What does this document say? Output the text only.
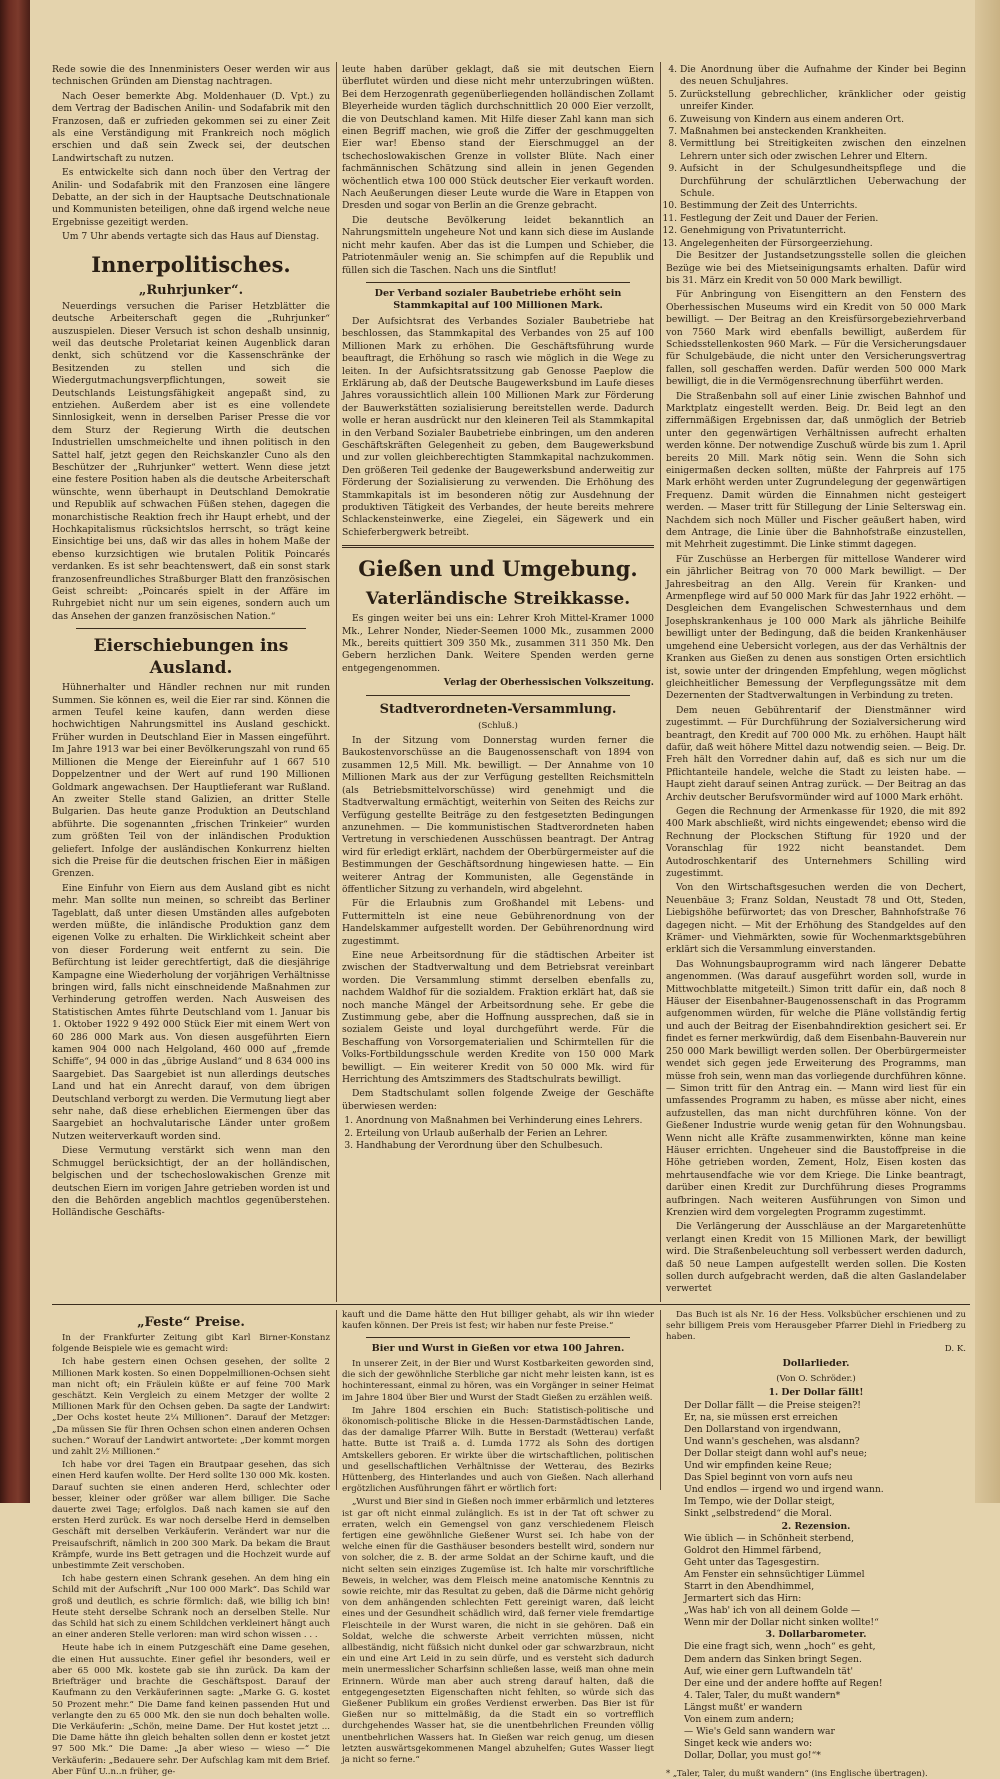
Rede sowie die des Innenministers Oeser werden wir aus technischen Gründen am Dienstag nachtragen.

Nach Oeser bemerkte Abg. Moldenhauer (D. Vpt.) zu dem Vertrag der Badischen Anilin- und Sodafabrik mit den Franzosen, daß er zufrieden gekommen sei zu einer Zeit als eine Verständigung mit Frankreich noch möglich erschien und daß sein Zweck sei, der deutschen Landwirtschaft zu nutzen.

Es entwickelte sich dann noch über den Vertrag der Anilin- und Sodafabrik mit den Franzosen eine längere Debatte, an der sich in der Hauptsache Deutschnationale und Kommunisten beteiligen, ohne daß irgend welche neue Ergebnisse gezeitigt werden.

Um 7 Uhr abends vertagte sich das Haus auf Dienstag.

Innerpolitisches.
„Ruhrjunker“.

Neuerdings versuchen die Pariser Hetzblätter die deutsche Arbeiterschaft gegen die „Ruhrjunker“ auszuspielen. Dieser Versuch ist schon deshalb unsinnig, weil das deutsche Proletariat keinen Augenblick daran denkt, sich schützend vor die Kassenschränke der Besitzenden zu stellen und sich die Wiedergutmachungsverpflichtungen, soweit sie Deutschlands Leistungsfähigkeit angepaßt sind, zu entziehen. Außerdem aber ist es eine vollendete Sinnlosigkeit, wenn in derselben Pariser Presse die vor dem Sturz der Regierung Wirth die deutschen Industriellen umschmeichelte und ihnen politisch in den Sattel half, jetzt gegen den Reichskanzler Cuno als den Beschützer der „Ruhrjunker“ wettert. Wenn diese jetzt eine festere Position haben als die deutsche Arbeiterschaft wünschte, wenn überhaupt in Deutschland Demokratie und Republik auf schwachen Füßen stehen, dagegen die monarchistische Reaktion frech ihr Haupt erhebt, und der Hochkapitalismus rücksichtslos herrscht, so trägt keine Einsichtige bei uns, daß wir das alles in hohem Maße der ebenso kurzsichtigen wie brutalen Politik Poincarés verdanken. Es ist sehr beachtenswert, daß ein sonst stark franzosenfreundliches Straßburger Blatt den französischen Geist schreibt: „Poincarés spielt in der Affäre im Ruhrgebiet nicht nur um sein eigenes, sondern auch um das Ansehen der ganzen französischen Nation.“

Eierschiebungen ins Ausland.

Hühnerhalter und Händler rechnen nur mit runden Summen. Sie können es, weil die Eier rar sind. Können die armen Teufel keine kaufen, dann werden diese hochwichtigen Nahrungsmittel ins Ausland geschickt. Früher wurden in Deutschland Eier in Massen eingeführt. Im Jahre 1913 war bei einer Bevölkerungszahl von rund 65 Millionen die Menge der Eiereinfuhr auf 1 667 510 Doppelzentner und der Wert auf rund 190 Millionen Goldmark angewachsen. Der Hauptlieferant war Rußland. An zweiter Stelle stand Galizien, an dritter Stelle Bulgarien. Das heute ganze Produktion an Deutschland abführte. Die sogenannten „frischen Trinkeier“ wurden zum größten Teil von der inländischen Produktion geliefert. Infolge der ausländischen Konkurrenz hielten sich die Preise für die deutschen frischen Eier in mäßigen Grenzen.

Eine Einfuhr von Eiern aus dem Ausland gibt es nicht mehr. Man sollte nun meinen, so schreibt das Berliner Tageblatt, daß unter diesen Umständen alles aufgeboten werden müßte, die inländische Produktion ganz dem eigenen Volke zu erhalten. Die Wirklichkeit scheint aber von dieser Forderung weit entfernt zu sein. Die Befürchtung ist leider gerechtfertigt, daß die diesjährige Kampagne eine Wiederholung der vorjährigen Verhältnisse bringen wird, falls nicht einschneidende Maßnahmen zur Verhinderung getroffen werden. Nach Ausweisen des Statistischen Amtes führte Deutschland vom 1. Januar bis 1. Oktober 1922 9 492 000 Stück Eier mit einem Wert von 60 286 000 Mark aus. Von diesen ausgeführten Eiern kamen 904 000 nach Helgoland, 460 000 auf „fremde Schiffe“, 94 000 in das „übrige Ausland“ und 8 634 000 ins Saargebiet. Das Saargebiet ist nun allerdings deutsches Land und hat ein Anrecht darauf, von dem übrigen Deutschland verborgt zu werden. Die Vermutung liegt aber sehr nahe, daß diese erheblichen Eiermengen über das Saargebiet an hochvalutarische Länder unter großem Nutzen weiterverkauft worden sind.

Diese Vermutung verstärkt sich wenn man den Schmuggel berücksichtigt, der an der holländischen, belgischen und der tschechoslowakischen Grenze mit deutschen Eiern im vorigen Jahre getrieben worden ist und den die Behörden angeblich machtlos gegenüberstehen. Holländische Geschäfts-

leute haben darüber geklagt, daß sie mit deutschen Eiern überflutet würden und diese nicht mehr unterzubringen wüßten. Bei dem Herzogenrath gegenüberliegenden holländischen Zollamt Bleyerheide wurden täglich durchschnittlich 20 000 Eier verzollt, die von Deutschland kamen. Mit Hilfe dieser Zahl kann man sich einen Begriff machen, wie groß die Ziffer der geschmuggelten Eier war! Ebenso stand der Eierschmuggel an der tschechoslowakischen Grenze in vollster Blüte. Nach einer fachmännischen Schätzung sind allein in jenen Gegenden wöchentlich etwa 100 000 Stück deutscher Eier verkauft worden. Nach Aeußerungen dieser Leute wurde die Ware in Etappen von Dresden und sogar von Berlin an die Grenze gebracht.

Die deutsche Bevölkerung leidet bekanntlich an Nahrungsmitteln ungeheure Not und kann sich diese im Auslande nicht mehr kaufen. Aber das ist die Lumpen und Schieber, die Patriotenmäuler wenig an. Sie schimpfen auf die Republik und füllen sich die Taschen. Nach uns die Sintflut!

Der Verband sozialer Baubetriebe erhöht sein Stammkapital auf 100 Millionen Mark.

Der Aufsichtsrat des Verbandes Sozialer Baubetriebe hat beschlossen, das Stammkapital des Verbandes von 25 auf 100 Millionen Mark zu erhöhen. Die Geschäftsführung wurde beauftragt, die Erhöhung so rasch wie möglich in die Wege zu leiten. In der Aufsichtsratssitzung gab Genosse Paeplow die Erklärung ab, daß der Deutsche Baugewerksbund im Laufe dieses Jahres voraussichtlich allein 100 Millionen Mark zur Förderung der Bauwerkstätten sozialisierung bereitstellen werde. Dadurch wolle er heran ausdrückt nur den kleineren Teil als Stammkapital in den Verband Sozialer Baubetriebe einbringen, um den anderen Geschäftskräften Gelegenheit zu geben, dem Baugewerksbund und zur vollen gleichberechtigten Stammkapital nachzukommen. Den größeren Teil gedenke der Baugewerksbund anderweitig zur Förderung der Sozialisierung zu verwenden. Die Erhöhung des Stammkapitals ist im besonderen nötig zur Ausdehnung der produktiven Tätigkeit des Verbandes, der heute bereits mehrere Schlackensteinwerke, eine Ziegelei, ein Sägewerk und ein Schieferbergwerk betreibt.

Gießen und Umgebung.
Vaterländische Streikkasse.

Es gingen weiter bei uns ein: Lehrer Kroh Mittel-Kramer 1000 Mk., Lehrer Nonder, Nieder-Seemen 1000 Mk., zusammen 2000 Mk., bereits quittiert 309 350 Mk., zusammen 311 350 Mk. Den Gebern herzlichen Dank. Weitere Spenden werden gerne entgegengenommen.

Verlag der Oberhessischen Volkszeitung.

Stadtverordneten-Versammlung.
(Schluß.)

In der Sitzung vom Donnerstag wurden ferner die Baukostenvorschüsse an die Baugenossenschaft von 1894 von zusammen 12,5 Mill. Mk. bewilligt. — Der Annahme von 10 Millionen Mark aus der zur Verfügung gestellten Reichsmitteln (als Betriebsmittelvorschüsse) wird genehmigt und die Stadtverwaltung ermächtigt, weiterhin von Seiten des Reichs zur Verfügung gestellte Beiträge zu den festgesetzten Bedingungen anzunehmen. — Die kommunistischen Stadtverordneten haben Vertretung in verschiedenen Ausschüssen beantragt. Der Antrag wird für erledigt erklärt, nachdem der Oberbürgermeister auf die Bestimmungen der Geschäftsordnung hingewiesen hatte. — Ein weiterer Antrag der Kommunisten, alle Gegenstände in öffentlicher Sitzung zu verhandeln, wird abgelehnt.

Für die Erlaubnis zum Großhandel mit Lebens- und Futtermitteln ist eine neue Gebührenordnung von der Handelskammer aufgestellt worden. Der Gebührenordnung wird zugestimmt.

Eine neue Arbeitsordnung für die städtischen Arbeiter ist zwischen der Stadtverwaltung und dem Betriebsrat vereinbart worden. Die Versammlung stimmt derselben ebenfalls zu, nachdem Waldhof für die sozialdem. Fraktion erklärt hat, daß sie noch manche Mängel der Arbeitsordnung sehe. Er gebe die Zustimmung gebe, aber die Hoffnung aussprechen, daß sie in sozialem Geiste und loyal durchgeführt werde. Für die Beschaffung von Vorsorgematerialien und Schirmtellen für die Volks-Fortbildungsschule werden Kredite von 150 000 Mark bewilligt. — Ein weiterer Kredit von 50 000 Mk. wird für Herrichtung des Amtszimmers des Stadtschulrats bewilligt.

Dem Stadtschulamt sollen folgende Zweige der Geschäfte überwiesen werden:

1. Anordnung von Maßnahmen bei Verhinderung eines Lehrers.
2. Erteilung von Urlaub außerhalb der Ferien an Lehrer.
3. Handhabung der Verordnung über den Schulbesuch.
4. Die Anordnung über die Aufnahme der Kinder bei Beginn des neuen Schuljahres.
5. Zurückstellung gebrechlicher, kränklicher oder geistig unreifer Kinder.
6. Zuweisung von Kindern aus einem anderen Ort.
7. Maßnahmen bei ansteckenden Krankheiten.
8. Vermittlung bei Streitigkeiten zwischen den einzelnen Lehrern unter sich oder zwischen Lehrer und Eltern.
9. Aufsicht in der Schulgesundheitspflege und die Durchführung der schulärztlichen Ueberwachung der Schule.
10. Bestimmung der Zeit des Unterrichts.
11. Festlegung der Zeit und Dauer der Ferien.
12. Genehmigung von Privatunterricht.
13. Angelegenheiten der Fürsorgeerziehung.

Die Besitzer der Justandsetzungsstelle sollen die gleichen Bezüge wie bei des Mietseinigungsamts erhalten. Dafür wird bis 31. März ein Kredit von 50 000 Mark bewilligt.

Für Anbringung von Eisengittern an den Fenstern des Oberhessischen Museums wird ein Kredit von 50 000 Mark bewilligt. — Der Beitrag an den Kreisfürsorgebeziehrverband von 7560 Mark wird ebenfalls bewilligt, außerdem für Schiedsstellenkosten 960 Mark. — Für die Versicherungsdauer für Schulgebäude, die nicht unter den Versicherungsvertrag fallen, soll geschaffen werden. Dafür werden 500 000 Mark bewilligt, die in die Vermögensrechnung überführt werden.

Die Straßenbahn soll auf einer Linie zwischen Bahnhof und Marktplatz eingestellt werden. Beig. Dr. Beid legt an den ziffernmäßigen Ergebnissen dar, daß unmöglich der Betrieb unter den gegenwärtigen Verhältnissen aufrecht erhalten werden könne. Der notwendige Zuschuß würde bis zum 1. April bereits 20 Mill. Mark nötig sein. Wenn die Sohn sich einigermaßen decken sollten, müßte der Fahrpreis auf 175 Mark erhöht werden unter Zugrundelegung der gegenwärtigen Frequenz. Damit würden die Einnahmen nicht gesteigert werden. — Maser tritt für Stillegung der Linie Selterswag ein. Nachdem sich noch Müller und Fischer geäußert haben, wird dem Antrage, die Linie über die Bahnhofstraße einzustellen, mit Mehrheit zugestimmt. Die Linke stimmt dagegen.

Für Zuschüsse an Herbergen für mittellose Wanderer wird ein jährlicher Beitrag von 70 000 Mark bewilligt. — Der Jahresbeitrag an den Allg. Verein für Kranken- und Armenpflege wird auf 50 000 Mark für das Jahr 1922 erhöht. — Desgleichen dem Evangelischen Schwesternhaus und dem Josephskrankenhaus je 100 000 Mark als jährliche Beihilfe bewilligt unter der Bedingung, daß die beiden Krankenhäuser umgehend eine Uebersicht vorlegen, aus der das Verhältnis der Kranken aus Gießen zu denen aus sonstigen Orten ersichtlich ist, sowie unter der dringenden Empfehlung, wegen möglichst gleichheitlicher Bemessung der Verpflegungssätze mit dem Dezernenten der Stadtverwaltungen in Verbindung zu treten.

Dem neuen Gebührentarif der Dienstmänner wird zugestimmt. — Für Durchführung der Sozialversicherung wird beantragt, den Kredit auf 700 000 Mk. zu erhöhen. Haupt hält dafür, daß weit höhere Mittel dazu notwendig seien. — Beig. Dr. Freh hält den Vorredner dahin auf, daß es sich nur um die Pflichtanteile handele, welche die Stadt zu leisten habe. — Haupt zieht darauf seinen Antrag zurück. — Der Beitrag an das Archiv deutscher Berufsvormünder wird auf 1000 Mark erhöht.

Gegen die Rechnung der Armenkasse für 1920, die mit 892 400 Mark abschließt, wird nichts eingewendet; ebenso wird die Rechnung der Plockschen Stiftung für 1920 und der Voranschlag für 1922 nicht beanstandet. Dem Autodroschkentarif des Unternehmers Schilling wird zugestimmt.

Von den Wirtschaftsgesuchen werden die von Dechert, Neuenbäue 3; Franz Soldan, Neustadt 78 und Ott, Steden, Liebigshöhe befürwortet; das von Drescher, Bahnhofstraße 76 dagegen nicht. — Mit der Erhöhung des Standgeldes auf den Krämer- und Viehmärkten, sowie für Wochenmarktsgebühren erklärt sich die Versammlung einverstanden.

Das Wohnungsbauprogramm wird nach längerer Debatte angenommen. (Was darauf ausgeführt worden soll, wurde in Mittwochblatte mitgeteilt.) Simon tritt dafür ein, daß noch 8 Häuser der Eisenbahner-Baugenossenschaft in das Programm aufgenommen würden, für welche die Pläne vollständig fertig und auch der Beitrag der Eisenbahndirektion gesichert sei. Er findet es ferner merkwürdig, daß dem Eisenbahn-Bauverein nur 250 000 Mark bewilligt werden sollen. Der Oberbürgermeister wendet sich gegen jede Erweiterung des Programms, man müsse froh sein, wenn man das vorliegende durchführen könne. — Simon tritt für den Antrag ein. — Mann wird liest für ein umfassendes Programm zu haben, es müsse aber nicht, eines aufzustellen, das man nicht durchführen könne. Von der Gießener Industrie wurde wenig getan für den Wohnungsbau. Wenn nicht alle Kräfte zusammenwirkten, könne man keine Häuser errichten. Ungeheuer sind die Baustoffpreise in die Höhe getrieben worden, Zement, Holz, Eisen kosten das mehrtausendfache wie vor dem Kriege. Die Linke beantragt, darüber einen Kredit zur Durchführung dieses Programms aufbringen. Nach weiteren Ausführungen von Simon und Krenzien wird dem vorgelegten Programm zugestimmt.

Die Verlängerung der Ausschläuse an der Margaretenhütte verlangt einen Kredit von 15 Millionen Mark, der bewilligt wird. Die Straßenbeleuchtung soll verbessert werden dadurch, daß 50 neue Lampen aufgestellt werden sollen. Die Kosten sollen durch aufgebracht werden, daß die alten Gaslandelaber verwertet

„Feste“ Preise.

In der Frankfurter Zeitung gibt Karl Birner-Konstanz folgende Beispiele wie es gemacht wird:

Ich habe gestern einen Ochsen gesehen, der sollte 2 Millionen Mark kosten. So einen Doppelmillionen-Ochsen sieht man nicht oft; ein Fräulein küßte er auf feine 700 Mark geschätzt. Kein Vergleich zu einem Metzger der wollte 2 Millionen Mark für den Ochsen geben. Da sagte der Landwirt: „Der Ochs kostet heute 2¼ Millionen“. Darauf der Metzger: „Da müssen Sie für Ihren Ochsen schon einen anderen Ochsen suchen.“ Worauf der Landwirt antwortete: „Der kommt morgen und zahlt 2½ Millionen.“

Ich habe vor drei Tagen ein Brautpaar gesehen, das sich einen Herd kaufen wollte. Der Herd sollte 130 000 Mk. kosten. Darauf suchten sie einen anderen Herd, schlechter oder besser, kleiner oder größer war allem billiger. Die Sache dauerte zwei Tage; erfolglos. Daß nach kamen sie auf den ersten Herd zurück. Es war noch derselbe Herd in demselben Geschäft mit derselben Verkäuferin. Verändert war nur die Preisaufschrift, nämlich in 200 300 Mark. Da bekam die Braut Krämpfe, wurde ins Bett getragen und die Hochzeit wurde auf unbestimmte Zeit verschoben.

Ich habe gestern einen Schrank gesehen. An dem hing ein Schild mit der Aufschrift „Nur 100 000 Mark“. Das Schild war groß und deutlich, es schrie förmlich: daß, wie billig ich bin! Heute steht derselbe Schrank noch an derselben Stelle. Nur das Schild hat sich zu einem Schildchen verkleinert hängt auch an einer anderen Stelle verloren: man wird schon wissen . . .

Heute habe ich in einem Putzgeschäft eine Dame gesehen, die einen Hut aussuchte. Einer gefiel ihr besonders, weil er aber 65 000 Mk. kostete gab sie ihn zurück. Da kam der Briefträger und brachte die Geschäftspost. Darauf der Kaufmann zu den Verkäuferinnen sagte: „Marke G. G. kostet 50 Prozent mehr.“ Die Dame fand keinen passenden Hut und verlangte den zu 65 000 Mk. den sie nun doch behalten wolle. Die Verkäuferin: „Schön, meine Dame. Der Hut kostet jetzt ... Die Dame hätte ihn gleich behalten sollen denn er kostet jetzt 97 500 Mk.“ Die Dame: „Ja aber wieso — wieso —“ Die Verkäuferin: „Bedauere sehr. Der Aufschlag kam mit dem Brief. Aber Fünf U..n..n früher, ge-

kauft und die Dame hätte den Hut billiger gehabt, als wir ihn wieder kaufen können. Der Preis ist fest; wir haben nur feste Preise.“

Bier und Wurst in Gießen vor etwa 100 Jahren.

In unserer Zeit, in der Bier und Wurst Kostbarkeiten geworden sind, die sich der gewöhnliche Sterbliche gar nicht mehr leisten kann, ist es hochinteressant, einmal zu hören, was ein Vorgänger in seiner Heimat im Jahre 1804 über Bier und Wurst der Stadt Gießen zu erzählen weiß.

Im Jahre 1804 erschien ein Buch: Statistisch-politische und ökonomisch-politische Blicke in die Hessen-Darmstädtischen Lande, das der damalige Pfarrer Wilh. Butte in Berstadt (Wetterau) verfaßt hatte. Butte ist Traiß a. d. Lumda 1772 als Sohn des dortigen Amtskellers geboren. Er wirkte über die wirtschaftlichen, politischen und gesellschaftlichen Verhältnisse der Wetterau, des Bezirks Hüttenberg, des Hinterlandes und auch von Gießen. Nach allerhand ergötzlichen Ausführungen fährt er wörtlich fort:

„Wurst und Bier sind in Gießen noch immer erbärmlich und letzteres ist gar oft nicht einmal zulänglich. Es ist in der Tat oft schwer zu erraten, welch ein Gemengsel von ganz verschiedenem Fleisch fertigen eine gewöhnliche Gießener Wurst sei. Ich habe von der welche einen für die Gasthäuser besonders bestellt wird, sondern nur von solcher, die z. B. der arme Soldat an der Schirne kauft, und die nicht selten sein einziges Zugemüse ist. Ich halte mir vorschriftliche Beweis, in welcher, was dem Fleisch meine anatomische Kenntnis zu sowie reichte, mir das Resultat zu geben, daß die Därme nicht gehörig von dem anhängenden schlechten Fett gereinigt waren, daß leicht eines und der Gesundheit schädlich wird, daß ferner viele fremdartige Fleischteile in der Wurst waren, die nicht in sie gehören. Daß ein Soldat, welche die schwerste Arbeit verrichten müssen, nicht allbeständig, nicht füßsich nicht dunkel oder gar schwarzbraun, nicht ein und eine Art Leid in zu sein dürfe, und es versteht sich dadurch mein unermesslicher Scharfsinn schließen lasse, weiß man ohne mein Erinnern. Würde man aber auch streng darauf halten, daß die entgegengesetzten Eigenschaften nicht fehlten, so würde sich das Gießener Publikum ein großes Verdienst erwerben. Das Bier ist für Gießen nur so mittelmäßig, da die Stadt ein so vortrefflich durchgehendes Wasser hat, sie die unentbehrlichen Freunden völlig unentbehrlichen Wassers hat. In Gießen war reich genug, um diesen letzten auswärtsgekommenen Mangel abzuhelfen; Gutes Wasser liegt ja nicht so ferne.“

Das Buch ist als Nr. 16 der Hess. Volksbücher erschienen und zu sehr billigem Preis vom Herausgeber Pfarrer Diehl in Friedberg zu haben.

D. K.

Dollarlieder.
(Von O. Schröder.)
1. Der Dollar fällt!
Der Dollar fällt — die Preise steigen?!
Er, na, sie müssen erst erreichen
Den Dollarstand von irgendwann,
Und wann's geschehen, was alsdann?
Der Dollar steigt dann wohl auf's neue;
Und wir empfinden keine Reue;
Das Spiel beginnt von vorn aufs neu
Und endlos — irgend wo und irgend wann.
Im Tempo, wie der Dollar steigt,
Sinkt „selbstredend“ die Moral.
2. Rezension.
Wie üblich — in Schönheit sterbend,
Goldrot den Himmel färbend,
Geht unter das Tagesgestirn.
Am Fenster ein sehnsüchtiger Lümmel
Starrt in den Abendhimmel,
Jermartert sich das Hirn:
„Was hab' ich von all deinem Golde —
Wenn mir der Dollar nicht sinken wollte!“
3. Dollarbarometer.
Die eine fragt sich, wenn „hoch“ es geht,
Dem andern das Sinken bringt Segen.
Auf, wie einer gern Luftwandeln tät'
Der eine und der andere hoffte auf Regen!
4. Taler, Taler, du mußt wandern*
Längst mußt' er wandern
Von einem zum andern;
— Wie's Geld sann wandern war
Singet keck wie anders wo:
Dollar, Dollar, you must go!“*
* „Taler, Taler, du mußt wandern“ (ins Englische übertragen).
